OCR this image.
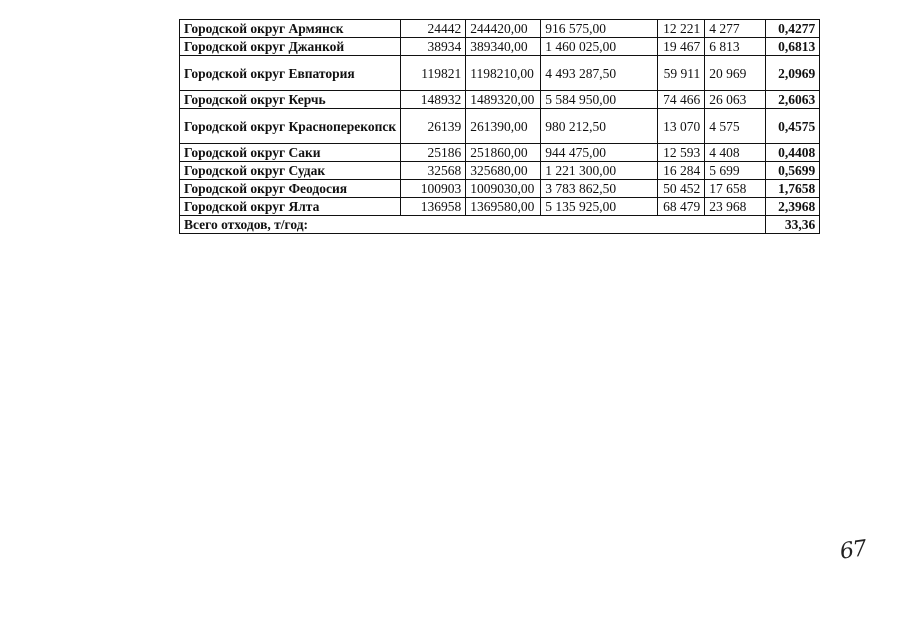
Городской округ Армянск	24442	244420,00	916 575,00	12 221	4 277	0,4277
Городской округ Джанкой	38934	389340,00	1 460 025,00	19 467	6 813	0,6813
Городской округ Евпатория	119821	1198210,00	4 493 287,50	59 911	20 969	2,0969
Городской округ Керчь	148932	1489320,00	5 584 950,00	74 466	26 063	2,6063
Городской округ Красноперекопск	26139	261390,00	980 212,50	13 070	4 575	0,4575
Городской округ Саки	25186	251860,00	944 475,00	12 593	4 408	0,4408
Городской округ Судак	32568	325680,00	1 221 300,00	16 284	5 699	0,5699
Городской округ Феодосия	100903	1009030,00	3 783 862,50	50 452	17 658	1,7658
Городской округ Ялта	136958	1369580,00	5 135 925,00	68 479	23 968	2,3968
Всего отходов, т/год:						33,36
67
